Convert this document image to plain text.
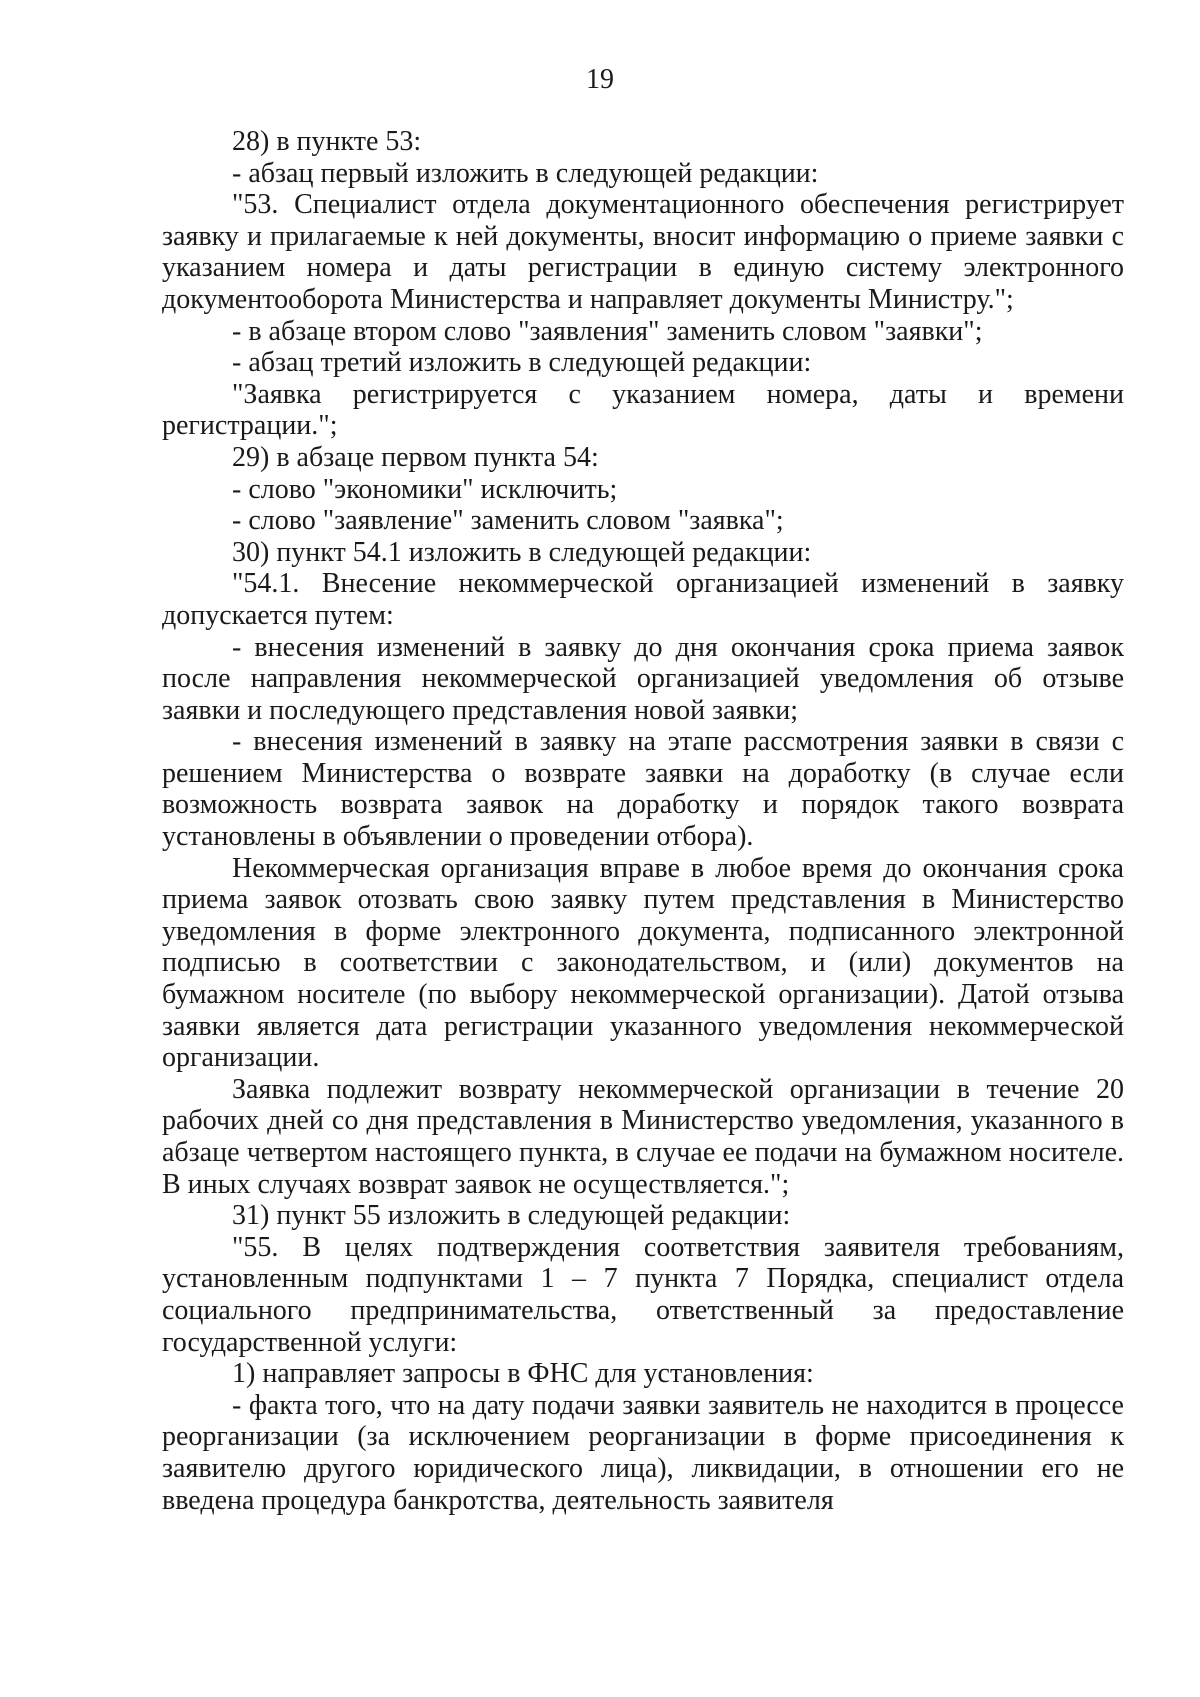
19

28) в пункте 53:

- абзац первый изложить в следующей редакции:

"53. Специалист отдела документационного обеспечения регистрирует заявку и прилагаемые к ней документы, вносит информацию о приеме заявки с указанием номера и даты регистрации в единую систему электронного документооборота Министерства и направляет документы Министру.";

- в абзаце втором слово "заявления" заменить словом "заявки";

- абзац третий изложить в следующей редакции:

"Заявка регистрируется с указанием номера, даты и времени регистрации.";

29) в абзаце первом пункта 54:

- слово "экономики" исключить;

- слово "заявление" заменить словом "заявка";

30) пункт 54.1 изложить в следующей редакции:

"54.1. Внесение некоммерческой организацией изменений в заявку допускается путем:

- внесения изменений в заявку до дня окончания срока приема заявок после направления некоммерческой организацией уведомления об отзыве заявки и последующего представления новой заявки;

- внесения изменений в заявку на этапе рассмотрения заявки в связи с решением Министерства о возврате заявки на доработку (в случае если возможность возврата заявок на доработку и порядок такого возврата установлены в объявлении о проведении отбора).

Некоммерческая организация вправе в любое время до окончания срока приема заявок отозвать свою заявку путем представления в Министерство уведомления в форме электронного документа, подписанного электронной подписью в соответствии с законодательством, и (или) документов на бумажном носителе (по выбору некоммерческой организации). Датой отзыва заявки является дата регистрации указанного уведомления некоммерческой организации.

Заявка подлежит возврату некоммерческой организации в течение 20 рабочих дней со дня представления в Министерство уведомления, указанного в абзаце четвертом настоящего пункта, в случае ее подачи на бумажном носителе. В иных случаях возврат заявок не осуществляется.";

31) пункт 55 изложить в следующей редакции:

"55. В целях подтверждения соответствия заявителя требованиям, установленным подпунктами 1 – 7 пункта 7 Порядка, специалист отдела социального предпринимательства, ответственный за предоставление государственной услуги:

1) направляет запросы в ФНС для установления:

- факта того, что на дату подачи заявки заявитель не находится в процессе реорганизации (за исключением реорганизации в форме присоединения к заявителю другого юридического лица), ликвидации, в отношении его не введена процедура банкротства, деятельность заявителя
